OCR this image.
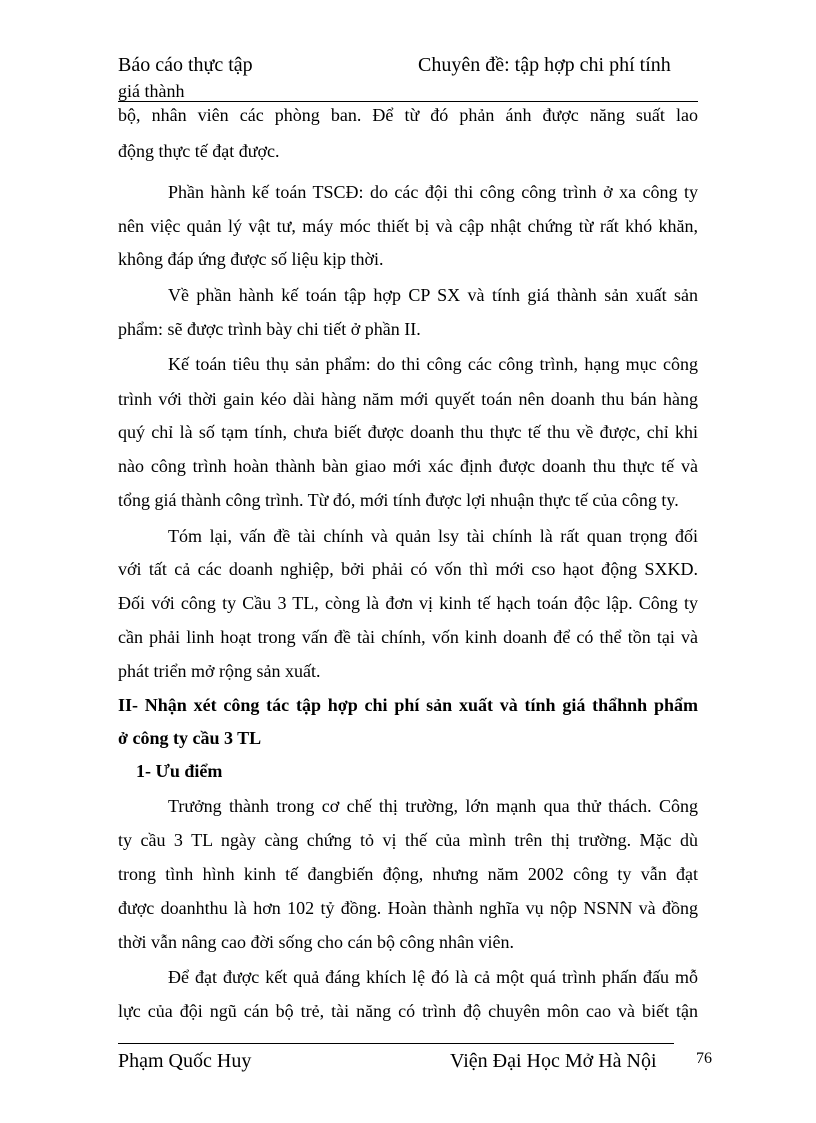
Báo cáo thực tập	Chuyên đề: tập hợp chi phí tính
giá thành
bộ, nhân viên các phòng ban. Để từ đó phản ánh được năng suất lao
động thực tế đạt được.
Phần hành kế toán TSCĐ: do các đội thi công công trình ở xa công ty
nên việc quản lý vật tư, máy móc thiết bị và cập nhật chứng từ rất khó khăn,
không đáp ứng được số liệu kịp thời.
Về phần hành kế toán tập hợp CP SX và tính giá thành sản xuất sản
phẩm: sẽ được trình bày chi tiết ở phần II.
Kế toán tiêu thụ sản phẩm: do thi công các công trình, hạng mục công
trình với thời gain kéo dài hàng năm mới quyết toán nên doanh thu bán hàng
quý chỉ là số tạm tính, chưa biết được doanh thu thực tế thu về được, chỉ khi
nào công trình hoàn thành bàn giao mới xác định được doanh thu thực tế và
tổng giá thành công trình. Từ đó, mới tính được lợi nhuận thực tế của công ty.
Tóm lại, vấn đề tài chính và quản lsy tài chính là rất quan trọng đối
với tất cả các doanh nghiệp, bởi phải có vốn thì mới cso hạot động SXKD.
Đối với công ty Cầu 3 TL, còng là đơn vị kinh tế hạch toán độc lập. Công ty
cần phải linh hoạt trong vấn đề tài chính, vốn kinh doanh để có thể tồn tại và
phát triển mở rộng sản xuất.
II- Nhận xét công tác tập hợp chi phí sản xuất và tính giá thẩhnh phẩm
ở công ty cầu 3 TL
1- Ưu điểm
Trưởng thành trong cơ chế thị trường, lớn mạnh qua thử thách. Công
ty cầu 3 TL ngày càng chứng tỏ vị thế của mình trên thị trường. Mặc dù
trong tình hình kinh tế đangbiến động, nhưng năm 2002 công ty vẫn đạt
được doanhthu là hơn 102 tỷ đồng. Hoàn thành nghĩa vụ nộp NSNN và đồng
thời vẫn nâng cao đời sống cho cán bộ công nhân viên.
Để đạt được kết quả đáng khích lệ đó là cả một quá trình phấn đấu mỗ
lực của đội ngũ cán bộ trẻ, tài năng có trình độ chuyên môn cao và biết tận
Phạm Quốc Huy	Viện Đại Học Mở Hà Nội 76
